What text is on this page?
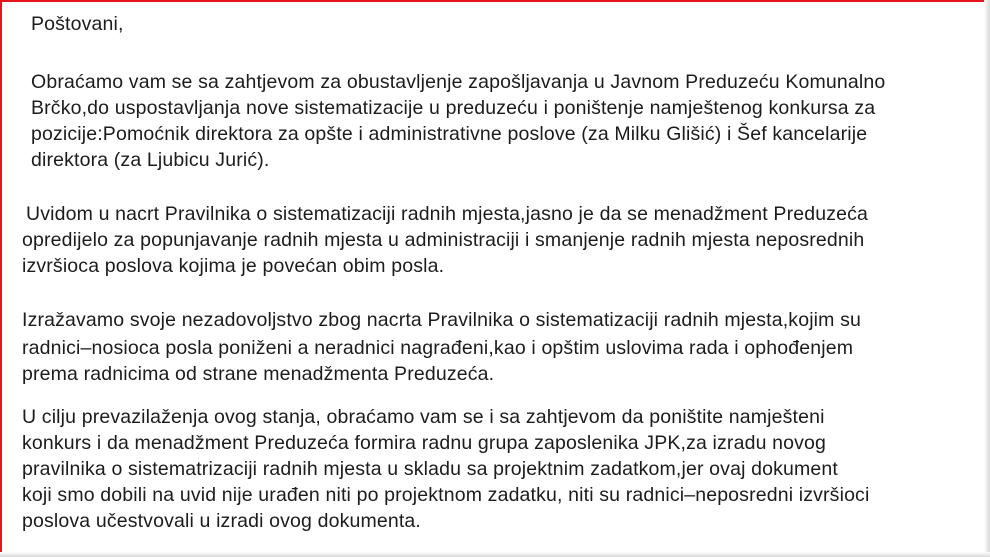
Poštovani,
Obraćamo vam se sa zahtjevom za obustavljenje zapošljavanja u Javnom Preduzeću Komunalno
Brčko,do uspostavljanja nove sistematizacije u preduzeću i poništenje namještenog konkursa za
pozicije:Pomoćnik direktora za opšte i administrativne poslove (za Milku Glišić) i Šef kancelarije
direktora (za Ljubicu Jurić).
Uvidom u nacrt Pravilnika o sistematizaciji radnih mjesta,jasno je da se menadžment Preduzeća
opredijelo za popunjavanje radnih mjesta u administraciji i smanjenje radnih mjesta neposrednih
izvršioca poslova kojima je povećan obim posla.
Izražavamo svoje nezadovoljstvo zbog nacrta Pravilnika o sistematizaciji radnih mjesta,kojim su
radnici–nosioca posla poniženi a neradnici nagrađeni,kao i opštim uslovima rada i ophođenjem
prema radnicima od strane menadžmenta Preduzeća.
U cilju prevazilaženja ovog stanja, obraćamo vam se i sa zahtjevom da poništite namješteni
konkurs i da menadžment Preduzeća formira radnu grupa zaposlenika JPK,za izradu novog
pravilnika o sistematrizaciji radnih mjesta u skladu sa projektnim zadatkom,jer ovaj dokument
koji smo dobili na uvid nije urađen niti po projektnom zadatku, niti su radnici–neposredni izvršioci
poslova učestvovali u izradi ovog dokumenta.
